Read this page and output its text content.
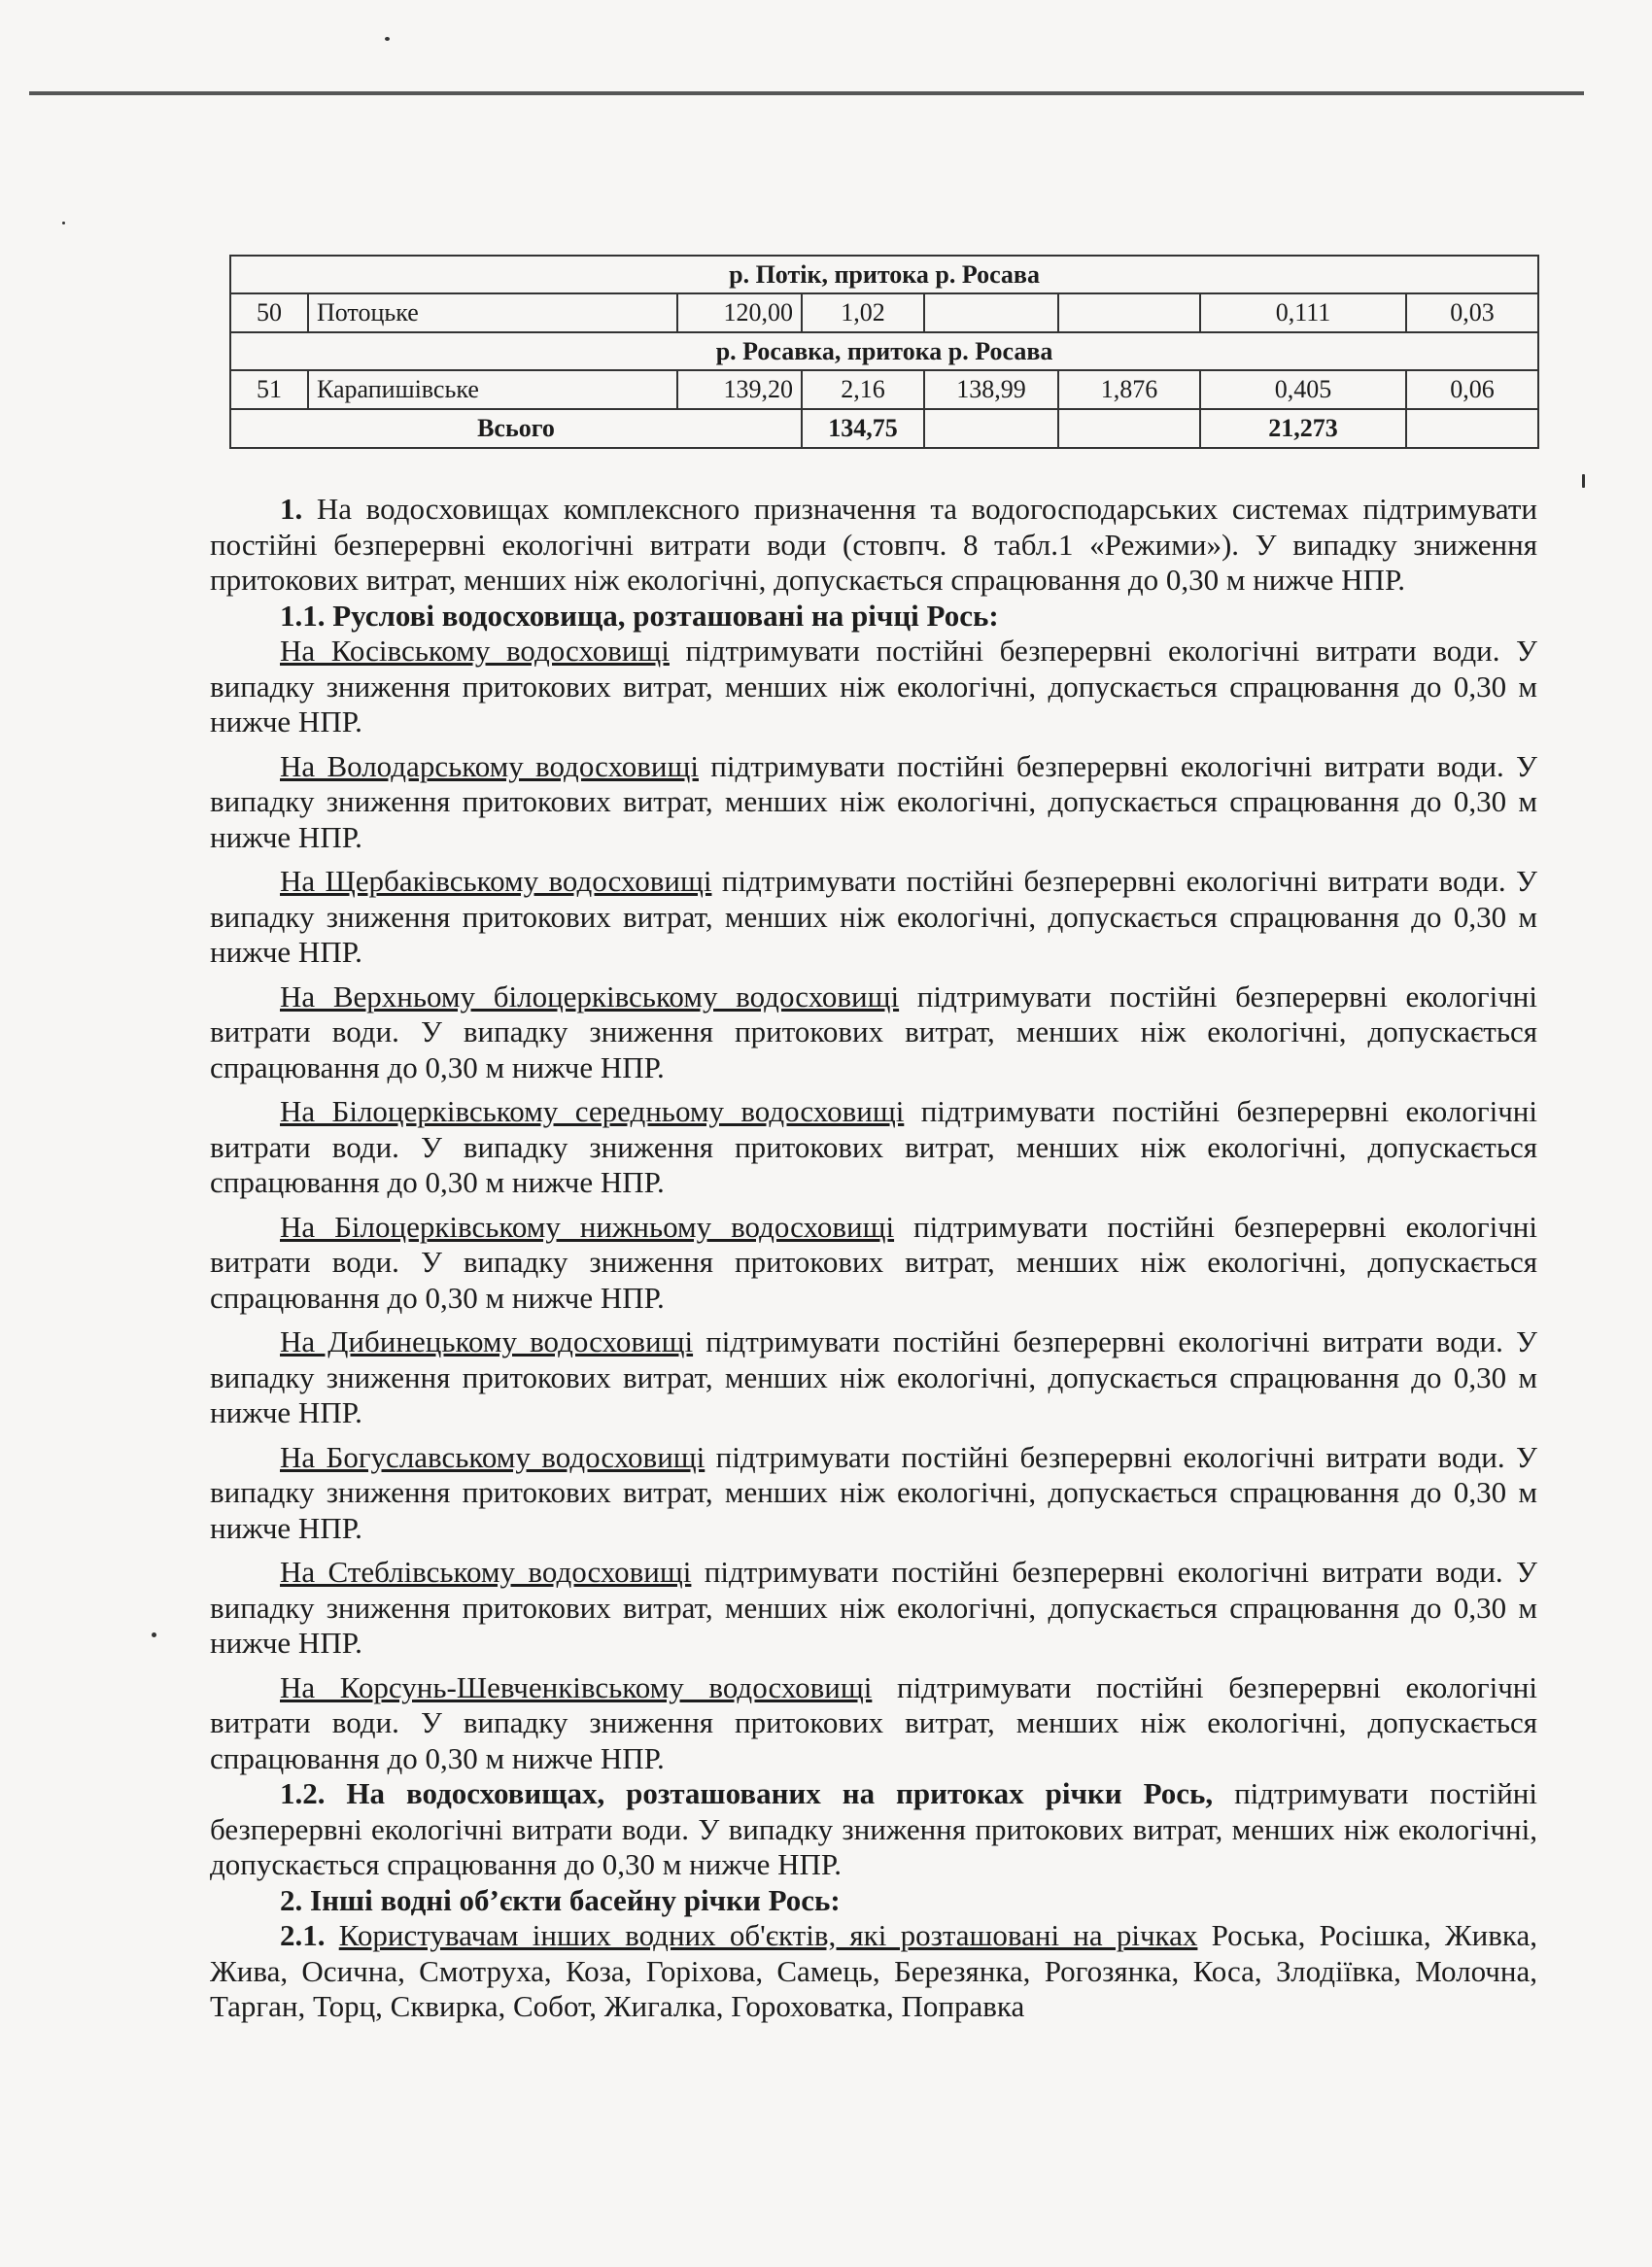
р. Потік, притока р. Росава							
50	Потоцьке	120,00	1,02			0,111	0,03
р. Росавка, притока р. Росава							
51	Карапишівське	139,20	2,16	138,99	1,876	0,405	0,06
Всього			134,75			21,273	

1. На водосховищах комплексного призначення та водогосподарських системах підтримувати постійні безперервні екологічні витрати води (стовпч. 8 табл.1 «Режими»). У випадку зниження притокових витрат, менших ніж екологічні, допускається спрацювання до 0,30 м нижче НПР.

1.1. Руслові водосховища, розташовані на річці Рось:

На Косівському водосховищі підтримувати постійні безперервні екологічні витрати води. У випадку зниження притокових витрат, менших ніж екологічні, допускається спрацювання до 0,30 м нижче НПР.

На Володарському водосховищі підтримувати постійні безперервні екологічні витрати води. У випадку зниження притокових витрат, менших ніж екологічні, допускається спрацювання до 0,30 м нижче НПР.

На Щербаківському водосховищі підтримувати постійні безперервні екологічні витрати води. У випадку зниження притокових витрат, менших ніж екологічні, допускається спрацювання до 0,30 м нижче НПР.

На Верхньому білоцерківському водосховищі підтримувати постійні безперервні екологічні витрати води. У випадку зниження притокових витрат, менших ніж екологічні, допускається спрацювання до 0,30 м нижче НПР.

На Білоцерківському середньому водосховищі підтримувати постійні безперервні екологічні витрати води. У випадку зниження притокових витрат, менших ніж екологічні, допускається спрацювання до 0,30 м нижче НПР.

На Білоцерківському нижньому водосховищі підтримувати постійні безперервні екологічні витрати води. У випадку зниження притокових витрат, менших ніж екологічні, допускається спрацювання до 0,30 м нижче НПР.

На Дибинецькому водосховищі підтримувати постійні безперервні екологічні витрати води. У випадку зниження притокових витрат, менших ніж екологічні, допускається спрацювання до 0,30 м нижче НПР.

На Богуславському водосховищі підтримувати постійні безперервні екологічні витрати води. У випадку зниження притокових витрат, менших ніж екологічні, допускається спрацювання до 0,30 м нижче НПР.

На Стеблівському водосховищі підтримувати постійні безперервні екологічні витрати води. У випадку зниження притокових витрат, менших ніж екологічні, допускається спрацювання до 0,30 м нижче НПР.

На Корсунь-Шевченківському водосховищі підтримувати постійні безперервні екологічні витрати води. У випадку зниження притокових витрат, менших ніж екологічні, допускається спрацювання до 0,30 м нижче НПР.

1.2. На водосховищах, розташованих на притоках річки Рось, підтримувати постійні безперервні екологічні витрати води. У випадку зниження притокових витрат, менших ніж екологічні, допускається спрацювання до 0,30 м нижче НПР.

2. Інші водні об’єкти басейну річки Рось:

2.1. Користувачам інших водних об'єктів, які розташовані на річках Роська, Росішка, Живка, Жива, Осична, Смотруха, Коза, Горіхова, Самець, Березянка, Рогозянка, Коса, Злодіївка, Молочна, Тарган, Торц, Сквирка, Собот, Жигалка, Гороховатка, Поправка
